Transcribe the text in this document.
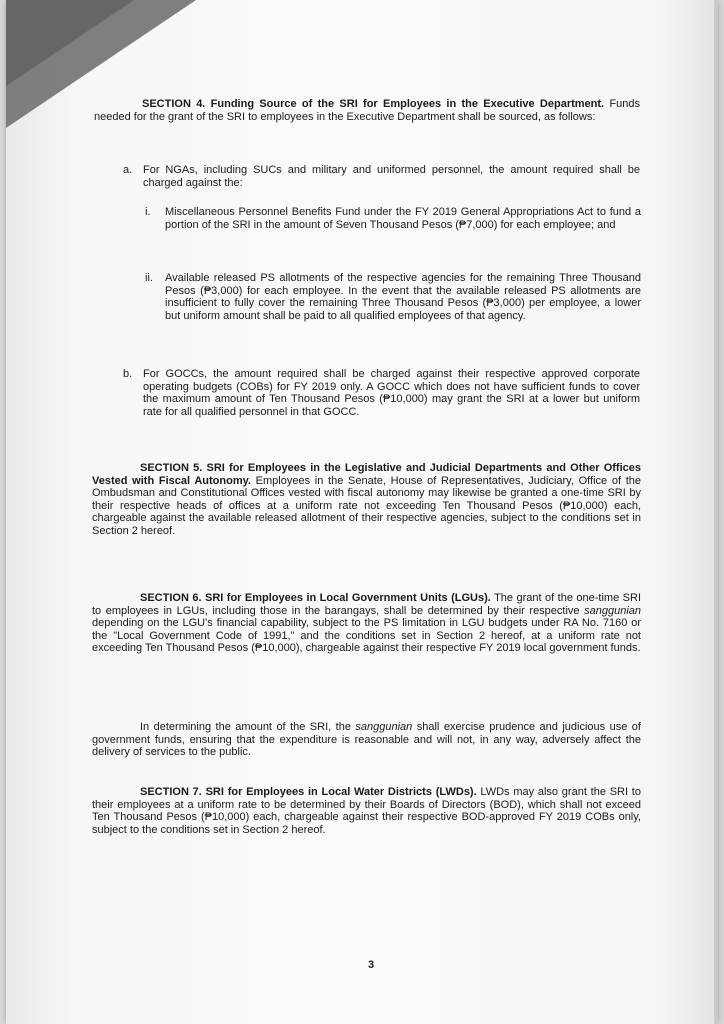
SECTION 4. Funding Source of the SRI for Employees in the Executive Department. Funds needed for the grant of the SRI to employees in the Executive Department shall be sourced, as follows:

a. For NGAs, including SUCs and military and uniformed personnel, the amount required shall be charged against the:

i. Miscellaneous Personnel Benefits Fund under the FY 2019 General Appropriations Act to fund a portion of the SRI in the amount of Seven Thousand Pesos (₱7,000) for each employee; and

ii. Available released PS allotments of the respective agencies for the remaining Three Thousand Pesos (₱3,000) for each employee. In the event that the available released PS allotments are insufficient to fully cover the remaining Three Thousand Pesos (₱3,000) per employee, a lower but uniform amount shall be paid to all qualified employees of that agency.

b. For GOCCs, the amount required shall be charged against their respective approved corporate operating budgets (COBs) for FY 2019 only. A GOCC which does not have sufficient funds to cover the maximum amount of Ten Thousand Pesos (₱10,000) may grant the SRI at a lower but uniform rate for all qualified personnel in that GOCC.

SECTION 5. SRI for Employees in the Legislative and Judicial Departments and Other Offices Vested with Fiscal Autonomy. Employees in the Senate, House of Representatives, Judiciary, Office of the Ombudsman and Constitutional Offices vested with fiscal autonomy may likewise be granted a one-time SRI by their respective heads of offices at a uniform rate not exceeding Ten Thousand Pesos (₱10,000) each, chargeable against the available released allotment of their respective agencies, subject to the conditions set in Section 2 hereof.

SECTION 6. SRI for Employees in Local Government Units (LGUs). The grant of the one-time SRI to employees in LGUs, including those in the barangays, shall be determined by their respective sanggunian depending on the LGU's financial capability, subject to the PS limitation in LGU budgets under RA No. 7160 or the "Local Government Code of 1991," and the conditions set in Section 2 hereof, at a uniform rate not exceeding Ten Thousand Pesos (₱10,000), chargeable against their respective FY 2019 local government funds.

In determining the amount of the SRI, the sanggunian shall exercise prudence and judicious use of government funds, ensuring that the expenditure is reasonable and will not, in any way, adversely affect the delivery of services to the public.

SECTION 7. SRI for Employees in Local Water Districts (LWDs). LWDs may also grant the SRI to their employees at a uniform rate to be determined by their Boards of Directors (BOD), which shall not exceed Ten Thousand Pesos (₱10,000) each, chargeable against their respective BOD-approved FY 2019 COBs only, subject to the conditions set in Section 2 hereof.

3
